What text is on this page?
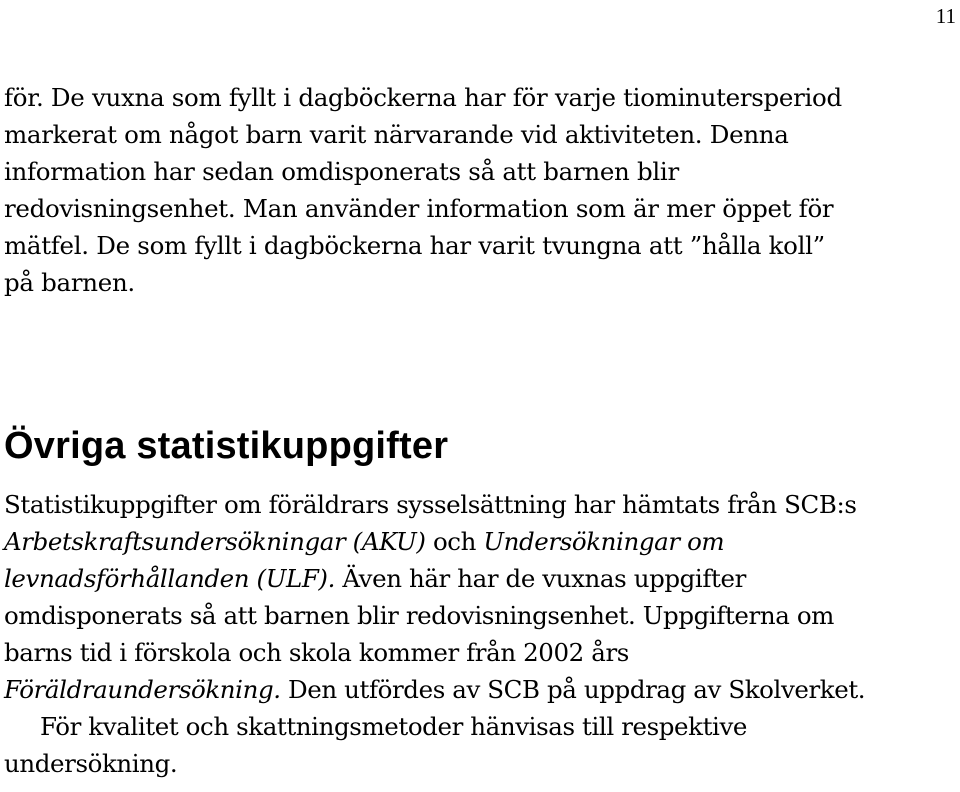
11
för. De vuxna som fyllt i dagböckerna har för varje tiominutersperiod
markerat om något barn varit närvarande vid aktiviteten. Denna
information har sedan omdisponerats så att barnen blir
redovisningsenhet. Man använder information som är mer öppet för
mätfel. De som fyllt i dagböckerna har varit tvungna att ”hålla koll”
på barnen.
Övriga statistikuppgifter
Statistikuppgifter om föräldrars sysselsättning har hämtats från SCB:s
Arbetskraftsundersökningar (AKU) och Undersökningar om
levnadsförhållanden (ULF). Även här har de vuxnas uppgifter
omdisponerats så att barnen blir redovisningsenhet. Uppgifterna om
barns tid i förskola och skola kommer från 2002 års
Föräldraundersökning. Den utfördes av SCB på uppdrag av Skolverket.
För kvalitet och skattningsmetoder hänvisas till respektive
undersökning.
